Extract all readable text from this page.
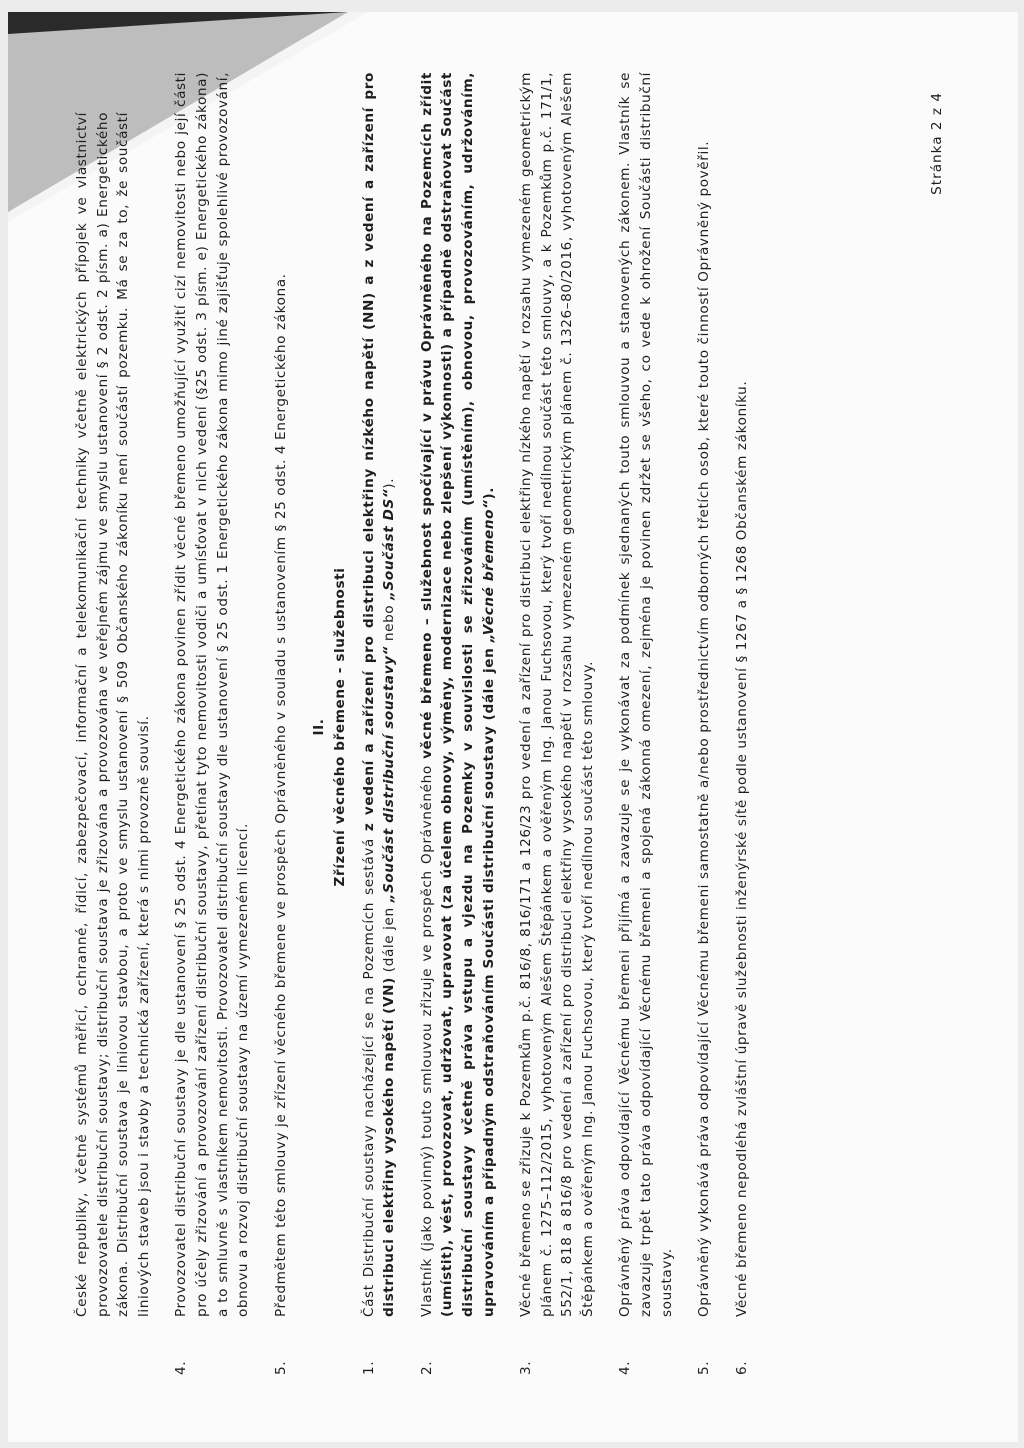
České republiky, včetně systémů měřicí, ochranné, řídicí, zabezpečovací, informační a telekomunikační techniky včetně elektrických přípojek ve vlastnictví provozovatele distribuční soustavy; distribuční soustava je zřizována a provozována ve veřejném zájmu ve smyslu ustanovení § 2 odst. 2 písm. a) Energetického zákona. Distribuční soustava je liniovou stavbou, a proto ve smyslu ustanovení § 509 Občanského zákoníku není součástí pozemku. Má se za to, že součástí liniových staveb jsou i stavby a technická zařízení, která s nimi provozně souvisí.
4.
Provozovatel distribuční soustavy je dle ustanovení § 25 odst. 4 Energetického zákona povinen zřídit věcné břemeno umožňující využití cizí nemovitosti nebo její části pro účely zřizování a provozování zařízení distribuční soustavy, přetínat tyto nemovitosti vodiči a umísťovat v nich vedení (§25 odst. 3 písm. e) Energetického zákona) a to smluvně s vlastníkem nemovitosti. Provozovatel distribuční soustavy dle ustanovení § 25 odst. 1 Energetického zákona mimo jiné zajišťuje spolehlivé provozování, obnovu a rozvoj distribuční soustavy na území vymezeném licencí.
5.
Předmětem této smlouvy je zřízení věcného břemene ve prospěch Oprávněného v souladu s ustanovením § 25 odst. 4 Energetického zákona. II. Zřízení věcného břemene - služebnosti
1.
Část Distribuční soustavy nacházející se na Pozemcích sestává z vedení a zařízení pro distribuci elektřiny nízkého napětí (NN) a z vedení a zařízení pro distribuci elektřiny vysokého napětí (VN) (dále jen „Součást distribuční soustavy“ nebo „Součást DS“).
2.
Vlastník (jako povinný) touto smlouvou zřizuje ve prospěch Oprávněného věcné břemeno – služebnost spočívající v právu Oprávněného na Pozemcích zřídit (umístit), vést, provozovat, udržovat, upravovat (za účelem obnovy, výměny, modernizace nebo zlepšení výkonnosti) a případně odstraňovat Součást distribuční soustavy včetně práva vstupu a vjezdu na Pozemky v souvislosti se zřizováním (umístěním), obnovou, provozováním, udržováním, upravováním a případným odstraňováním Součásti distribuční soustavy (dále jen „Věcné břemeno“).
3.
Věcné břemeno se zřizuje k Pozemkům p.č. 816/8, 816/171 a 126/23 pro vedení a zařízení pro distribuci elektřiny nízkého napětí v rozsahu vymezeném geometrickým plánem č. 1275–112/2015, vyhotoveným Alešem Štěpánkem a ověřeným Ing. Janou Fuchsovou, který tvoří nedílnou součást této smlouvy, a k Pozemkům p.č. 171/1, 552/1, 818 a 816/8 pro vedení a zařízení pro distribuci elektřiny vysokého napětí v rozsahu vymezeném geometrickým plánem č. 1326–80/2016, vyhotoveným Alešem Štěpánkem a ověřeným Ing. Janou Fuchsovou, který tvoří nedílnou součást této smlouvy.
4.
Oprávněný práva odpovídající Věcnému břemeni přijímá a zavazuje se je vykonávat za podmínek sjednaných touto smlouvou a stanovených zákonem. Vlastník se zavazuje trpět tato práva odpovídající Věcnému břemeni a spojená zákonná omezení, zejména je povinen zdržet se všeho, co vede k ohrožení Součásti distribuční soustavy.
5.
Oprávněný vykonává práva odpovídající Věcnému břemeni samostatně a/nebo prostřednictvím odborných třetích osob, které touto činností Oprávněný pověřil.
6.
Věcné břemeno nepodléhá zvláštní úpravě služebnosti inženýrské sítě podle ustanovení § 1267 a § 1268 Občanském zákoníku.
Stránka 2 z 4
